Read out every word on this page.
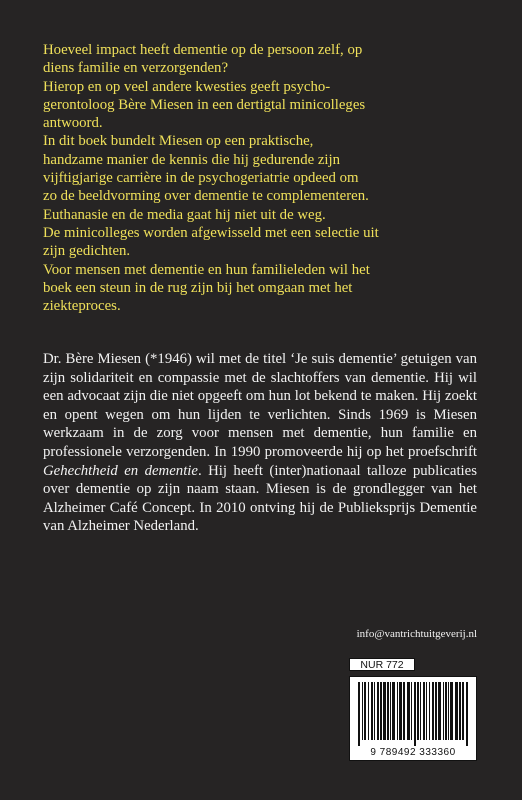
Hoeveel impact heeft dementie op de persoon zelf, op

diens familie en verzorgenden?

Hierop en op veel andere kwesties geeft psycho-

gerontoloog Bère Miesen in een dertigtal minicolleges

antwoord.

In dit boek bundelt Miesen op een praktische,

handzame manier de kennis die hij gedurende zijn

vijftigjarige carrière in de psychogeriatrie opdeed om

zo de beeldvorming over dementie te complementeren.

Euthanasie en de media gaat hij niet uit de weg.

De minicolleges worden afgewisseld met een selectie uit

zijn gedichten.

Voor mensen met dementie en hun familieleden wil het

boek een steun in de rug zijn bij het omgaan met het

ziekteproces.

Dr. Bère Miesen (*1946) wil met de titel ‘Je suis dementie’ getuigen van zijn solidariteit en compassie met de slachtoffers van dementie. Hij wil een advocaat zijn die niet opgeeft om hun lot bekend te maken. Hij zoekt en opent wegen om hun lijden te verlichten. Sinds 1969 is Miesen werkzaam in de zorg voor mensen met dementie, hun familie en professionele verzorgenden. In 1990 promoveerde hij op het proefschrift Gehechtheid en dementie. Hij heeft (inter)nationaal talloze publicaties over dementie op zijn naam staan. Miesen is de grondlegger van het Alzheimer Café Concept. In 2010 ontving hij de Publieksprijs Dementie van Alzheimer Nederland.

info@vantrichtuitgeverij.nl
NUR 772
9 789492 333360
